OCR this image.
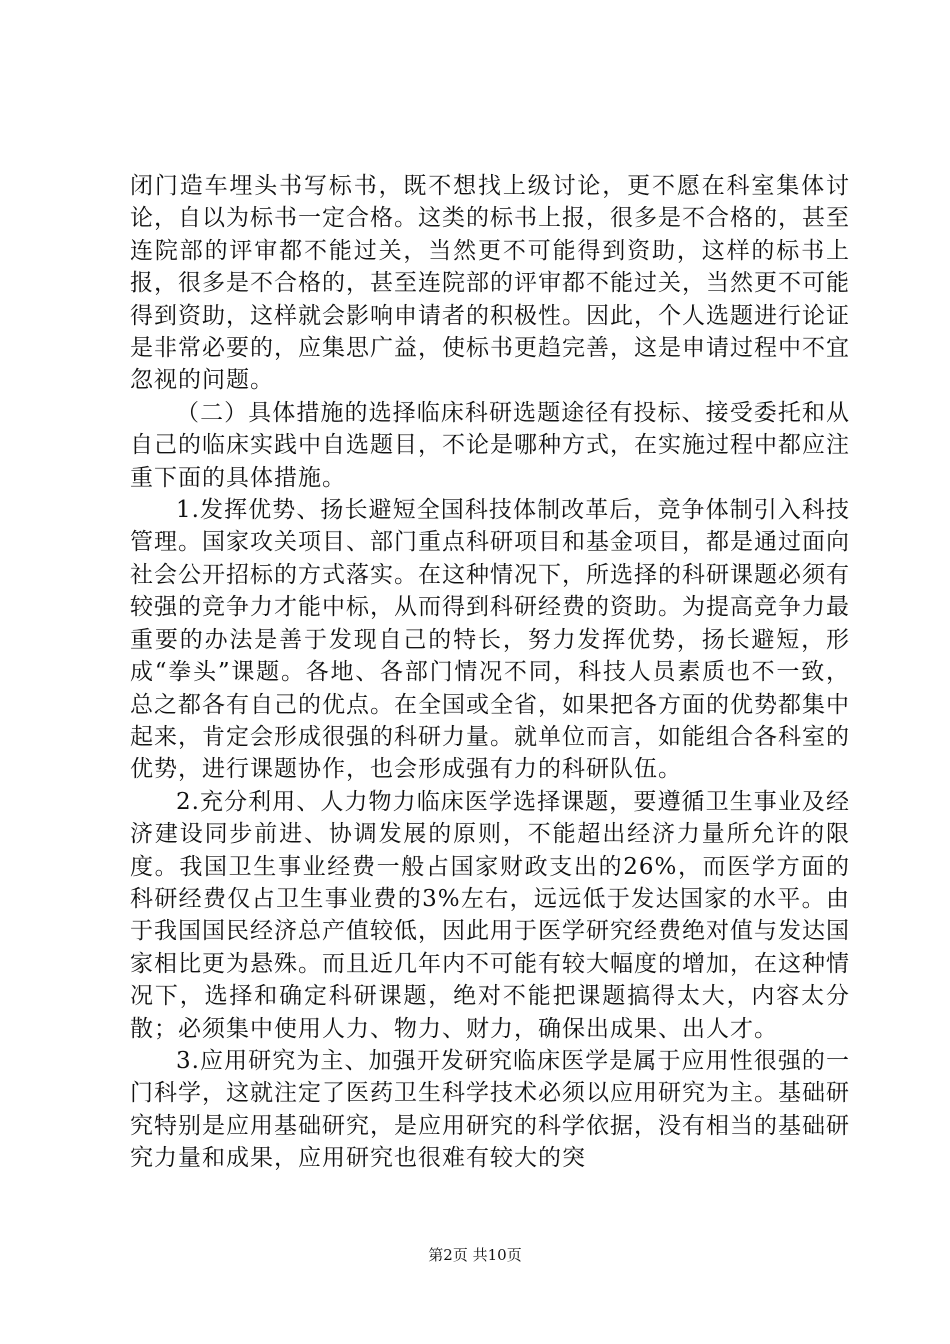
闭门造车埋头书写标书，既不想找上级讨论，更不愿在科室集体讨论，自以为标书一定合格。这类的标书上报，很多是不合格的，甚至连院部的评审都不能过关，当然更不可能得到资助，这样的标书上报，很多是不合格的，甚至连院部的评审都不能过关，当然更不可能得到资助，这样就会影响申请者的积极性。因此，个人选题进行论证是非常必要的，应集思广益，使标书更趋完善，这是申请过程中不宜忽视的问题。

（二）具体措施的选择临床科研选题途径有投标、接受委托和从自己的临床实践中自选题目，不论是哪种方式，在实施过程中都应注重下面的具体措施。

1.发挥优势、扬长避短全国科技体制改革后，竞争体制引入科技管理。国家攻关项目、部门重点科研项目和基金项目，都是通过面向社会公开招标的方式落实。在这种情况下，所选择的科研课题必须有较强的竞争力才能中标，从而得到科研经费的资助。为提高竞争力最重要的办法是善于发现自己的特长，努力发挥优势，扬长避短，形成“拳头”课题。各地、各部门情况不同，科技人员素质也不一致，总之都各有自己的优点。在全国或全省，如果把各方面的优势都集中起来，肯定会形成很强的科研力量。就单位而言，如能组合各科室的优势，进行课题协作，也会形成强有力的科研队伍。

2.充分利用、人力物力临床医学选择课题，要遵循卫生事业及经济建设同步前进、协调发展的原则，不能超出经济力量所允许的限度。我国卫生事业经费一般占国家财政支出的26%，而医学方面的科研经费仅占卫生事业费的3%左右，远远低于发达国家的水平。由于我国国民经济总产值较低，因此用于医学研究经费绝对值与发达国家相比更为悬殊。而且近几年内不可能有较大幅度的增加，在这种情况下，选择和确定科研课题，绝对不能把课题搞得太大，内容太分散；必须集中使用人力、物力、财力，确保出成果、出人才。

3.应用研究为主、加强开发研究临床医学是属于应用性很强的一门科学，这就注定了医药卫生科学技术必须以应用研究为主。基础研究特别是应用基础研究，是应用研究的科学依据，没有相当的基础研究力量和成果，应用研究也很难有较大的突

第2页 共10页
